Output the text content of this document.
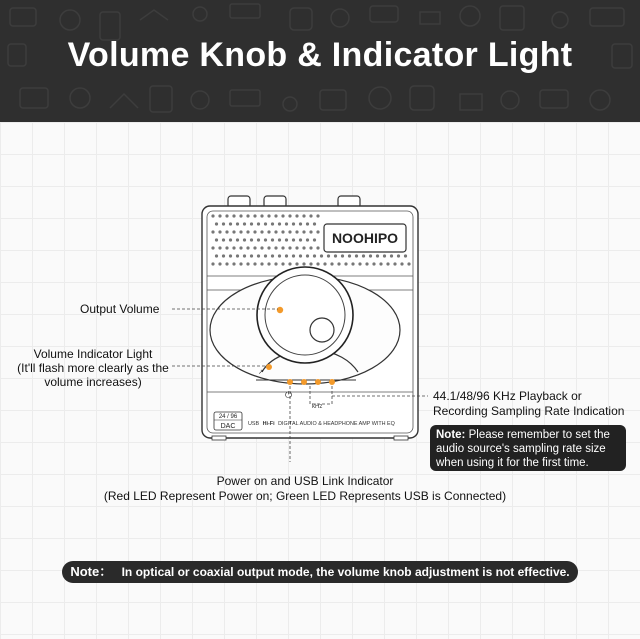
Volume Knob & Indicator Light
NOOHIPO
⏻
kHz
↗
24 / 96
DAC USB Hi-Fi DIGITAL AUDIO & HEADPHONE AMP WITH EQ
Output Volume
Volume Indicator Light
(It'll flash more clearly as the
volume increases)
44.1/48/96 KHz Playback or
Recording Sampling Rate Indication
Note: Please remember to set the audio source's sampling rate size when using it for the first time.
Power on and USB Link Indicator
(Red LED Represent Power on; Green LED Represents USB is Connected)
Note： In optical or coaxial output mode, the volume knob adjustment is not effective.
